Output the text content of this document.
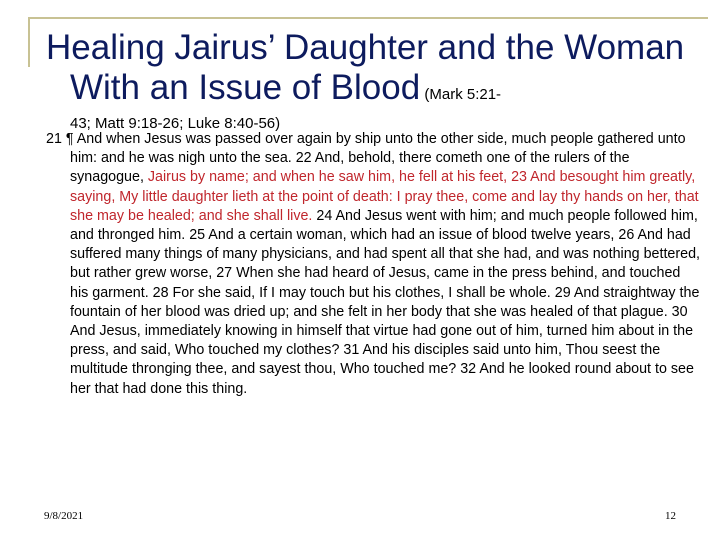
Healing Jairus’ Daughter and the Woman With an Issue of Blood (Mark 5:21-
43; Matt 9:18-26; Luke 8:40-56)
21 ¶ And when Jesus was passed over again by ship unto the other side, much people gathered unto him: and he was nigh unto the sea. 22 And, behold, there cometh one of the rulers of the synagogue, Jairus by name; and when he saw him, he fell at his feet, 23 And besought him greatly, saying, My little daughter lieth at the point of death: I pray thee, come and lay thy hands on her, that she may be healed; and she shall live. 24 And Jesus went with him; and much people followed him, and thronged him. 25 And a certain woman, which had an issue of blood twelve years, 26 And had suffered many things of many physicians, and had spent all that she had, and was nothing bettered, but rather grew worse, 27 When she had heard of Jesus, came in the press behind, and touched his garment. 28 For she said, If I may touch but his clothes, I shall be whole. 29 And straightway the fountain of her blood was dried up; and she felt in her body that she was healed of that plague. 30 And Jesus, immediately knowing in himself that virtue had gone out of him, turned him about in the press, and said, Who touched my clothes? 31 And his disciples said unto him, Thou seest the multitude thronging thee, and sayest thou, Who touched me? 32 And he looked round about to see her that had done this thing.
9/8/2021	12
